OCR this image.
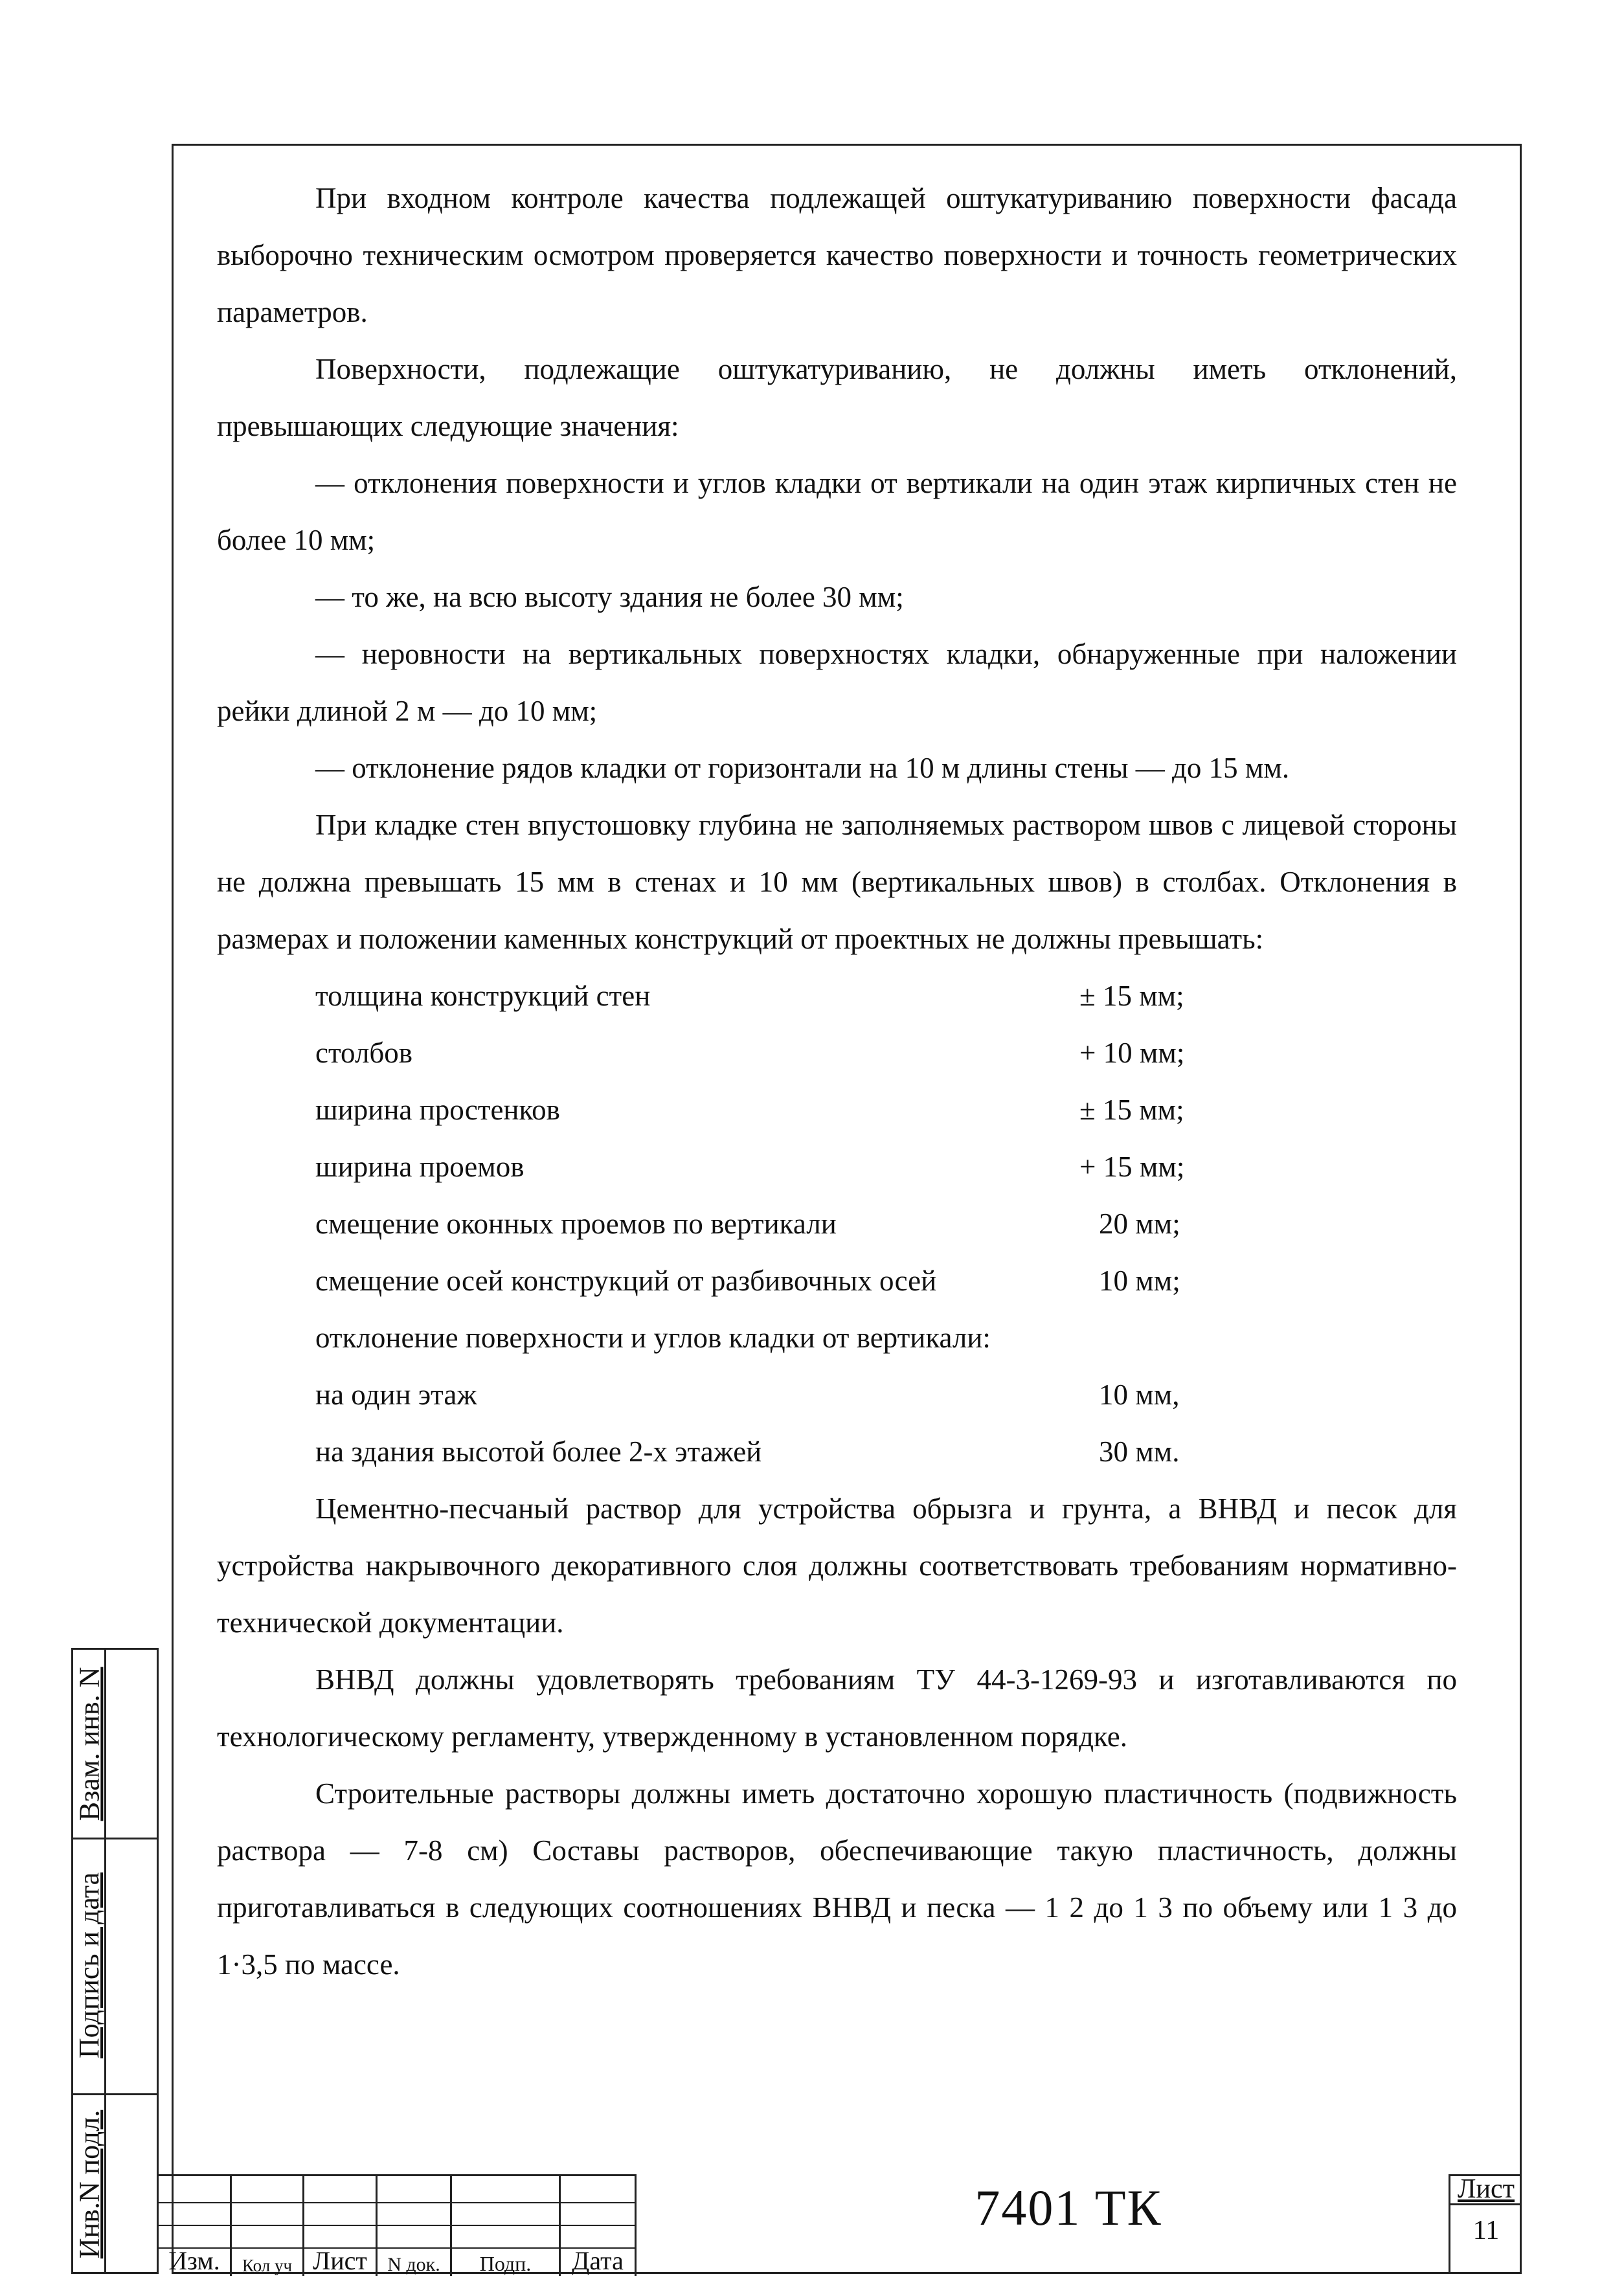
При входном контроле качества подлежащей оштукатуриванию поверхности фасада выборочно техническим осмотром проверяется качество поверхности и точность геометрических параметров.

Поверхности, подлежащие оштукатуриванию, не должны иметь отклонений, превышающих следующие значения:

— отклонения поверхности и углов кладки от вертикали на один этаж кирпичных стен не более 10 мм;

— то же, на всю высоту здания не более 30 мм;

— неровности на вертикальных поверхностях кладки, обнаруженные при наложении рейки длиной 2 м — до 10 мм;

— отклонение рядов кладки от горизонтали на 10 м длины стены — до 15 мм.

При кладке стен впустошовку глубина не заполняемых раствором швов с лицевой стороны не должна превышать 15 мм в стенах и 10 мм (вертикальных швов) в столбах. Отклонения в размерах и положении каменных конструкций от проектных не должны превышать:

толщина конструкций стен	± 15 мм;
столбов	+ 10 мм;
ширина простенков	± 15 мм;
ширина проемов	+ 15 мм;
смещение оконных проемов по вертикали	20 мм;
смещение осей конструкций от разбивочных осей	10 мм;
отклонение поверхности и углов кладки от вертикали:
на один этаж	10 мм,
на здания высотой более 2-х этажей	30 мм.

Цементно-песчаный раствор для устройства обрызга и грунта, а ВНВД и песок для устройства накрывочного декоративного слоя должны соответствовать требованиям нормативно-технической документации.

ВНВД должны удовлетворять требованиям ТУ 44-3-1269-93 и изготавливаются по технологическому регламенту, утвержденному в установленном порядке.

Строительные растворы должны иметь достаточно хорошую пластичность (подвижность раствора — 7-8 см) Составы растворов, обеспечивающие такую пластичность, должны приготавливаться в следующих соотношениях ВНВД и песка — 1 2 до 1 3 по объему или 1 3 до 1·3,5 по массе.

Взам. инв. N
Подпись и дата
Инв.N подл.
Изм.	Кол уч Лист	N док.	Подп.	Дата
7401 ТК	Лист
11
